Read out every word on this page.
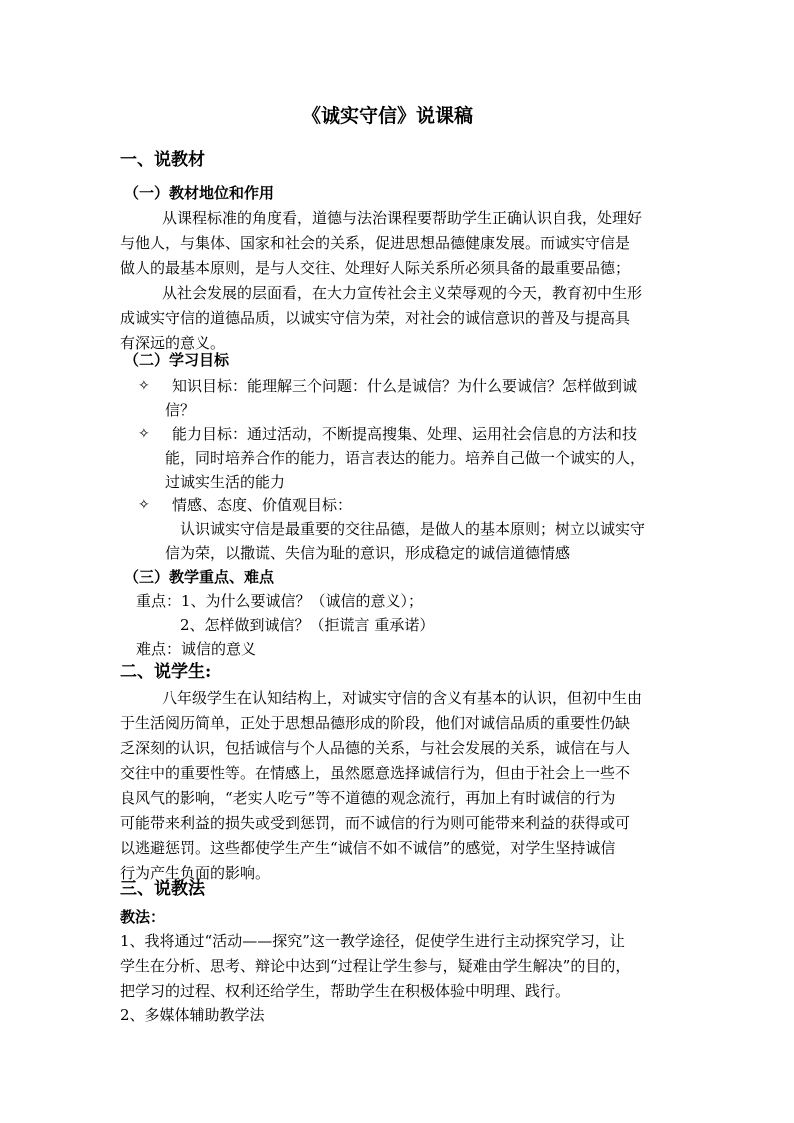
《诚实守信》说课稿
一、说教材
（一）教材地位和作用
从课程标准的角度看，道德与法治课程要帮助学生正确认识自我，处理好
与他人，与集体、国家和社会的关系，促进思想品德健康发展。而诚实守信是
做人的最基本原则，是与人交往、处理好人际关系所必须具备的最重要品德；
从社会发展的层面看，在大力宣传社会主义荣辱观的今天，教育初中生形
成诚实守信的道德品质，以诚实守信为荣，对社会的诚信意识的普及与提高具
有深远的意义。
（二）学习目标
✧ 知识目标：能理解三个问题：什么是诚信？为什么要诚信？怎样做到诚
信？
✧ 能力目标：通过活动，不断提高搜集、处理、运用社会信息的方法和技
能，同时培养合作的能力，语言表达的能力。培养自己做一个诚实的人，
过诚实生活的能力
✧ 情感、态度、价值观目标：
认识诚实守信是最重要的交往品德，是做人的基本原则；树立以诚实守
信为荣，以撒谎、失信为耻的意识，形成稳定的诚信道德情感
（三）教学重点、难点
重点：1、为什么要诚信？（诚信的意义）；
2、怎样做到诚信？（拒谎言 重承诺）
难点：诚信的意义
二、说学生:
八年级学生在认知结构上，对诚实守信的含义有基本的认识，但初中生由
于生活阅历简单，正处于思想品德形成的阶段，他们对诚信品质的重要性仍缺
乏深刻的认识，包括诚信与个人品德的关系，与社会发展的关系，诚信在与人
交往中的重要性等。在情感上，虽然愿意选择诚信行为，但由于社会上一些不
良风气的影响，“老实人吃亏”等不道德的观念流行，再加上有时诚信的行为
可能带来利益的损失或受到惩罚，而不诚信的行为则可能带来利益的获得或可
以逃避惩罚。这些都使学生产生“诚信不如不诚信”的感觉，对学生坚持诚信
行为产生负面的影响。
三、说教法
教法：
1、我将通过“活动——探究”这一教学途径，促使学生进行主动探究学习，让
学生在分析、思考、辩论中达到“过程让学生参与，疑难由学生解决”的目的，
把学习的过程、权利还给学生，帮助学生在积极体验中明理、践行。
2、多媒体辅助教学法
